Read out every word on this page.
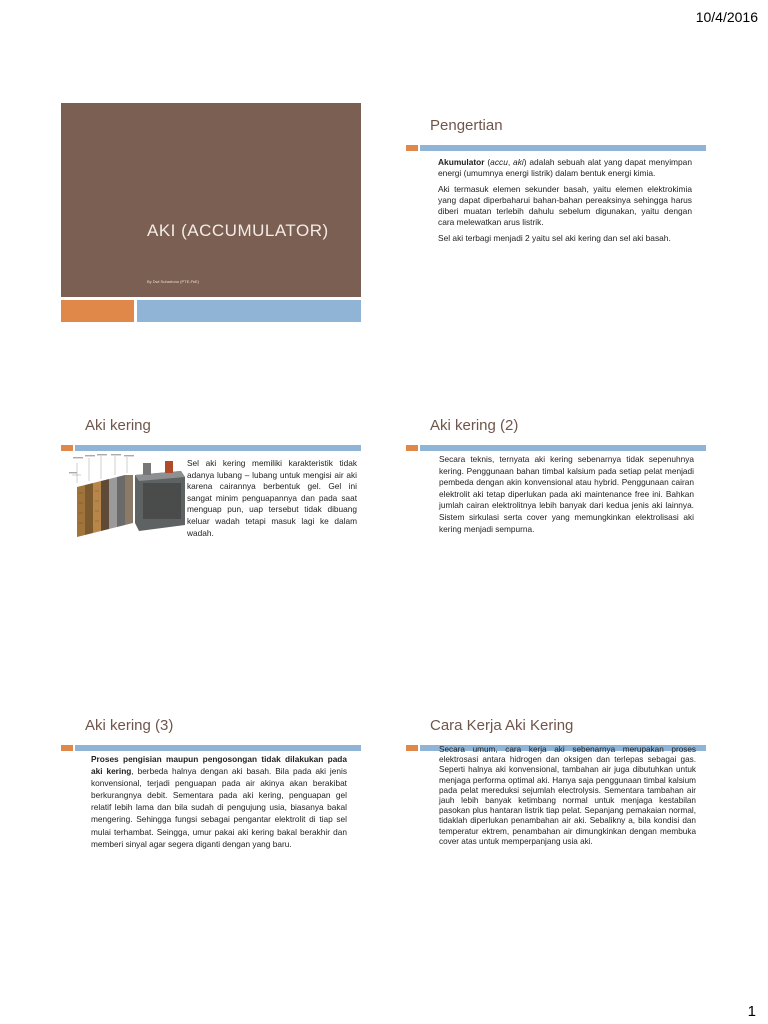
10/4/2016
AKI (ACCUMULATOR)
By Dwi Suhartono (PTE-FkE)
Pengertian

Akumulator (accu, aki) adalah sebuah alat yang dapat menyimpan energi (umumnya energi listrik) dalam bentuk energi kimia.

Aki termasuk elemen sekunder basah, yaitu elemen elektrokimia yang dapat diperbaharui bahan-bahan pereaksinya sehingga harus diberi muatan terlebih dahulu sebelum digunakan, yaitu dengan cara melewatkan arus listrik.

Sel aki terbagi menjadi 2 yaitu sel aki kering dan sel aki basah.

Aki kering
Sel aki kering memiliki karakteristik tidak adanya lubang – lubang untuk mengisi air aki karena cairannya berbentuk gel. Gel ini sangat minim penguapannya dan pada saat menguap pun, uap tersebut tidak dibuang keluar wadah tetapi masuk lagi ke dalam wadah.
Aki kering (2)
Secara teknis, ternyata aki kering sebenarnya tidak sepenuhnya kering. Penggunaan bahan timbal kalsium pada setiap pelat menjadi pembeda dengan akin konvensional atau hybrid. Penggunaan cairan elektrolit aki tetap diperlukan pada aki maintenance free ini. Bahkan jumlah cairan elektrolitnya lebih banyak dari kedua jenis aki lainnya. Sistem sirkulasi serta cover yang memungkinkan elektrolisasi aki kering menjadi sempurna.
Aki kering (3)
Proses pengisian maupun pengosongan tidak dilakukan pada aki kering, berbeda halnya dengan aki basah. Bila pada aki jenis konvensional, terjadi penguapan pada air akinya akan berakibat berkurangnya debit. Sementara pada aki kering, penguapan gel relatif lebih lama dan bila sudah di pengujung usia, biasanya bakal mengering. Sehingga fungsi sebagai pengantar elektrolit di tiap sel mulai terhambat. Seingga, umur pakai aki kering bakal berakhir dan memberi sinyal agar segera diganti dengan yang baru.
Cara Kerja Aki Kering
Secara umum, cara kerja aki sebenarnya merupakan proses elektrosasi antara hidrogen dan oksigen dan terlepas sebagai gas. Seperti halnya aki konvensional, tambahan air juga dibutuhkan untuk menjaga performa optimal aki. Hanya saja penggunaan timbal kalsium pada pelat mereduksi sejumlah electrolysis. Sementara tambahan air jauh lebih banyak ketimbang normal untuk menjaga kestabilan pasokan plus hantaran listrik tiap pelat. Sepanjang pemakaian normal, tidaklah diperlukan penambahan air aki. Sebalikny a, bila kondisi dan temperatur ektrem, penambahan air dimungkinkan dengan membuka cover atas untuk memperpanjang usia aki.
1
